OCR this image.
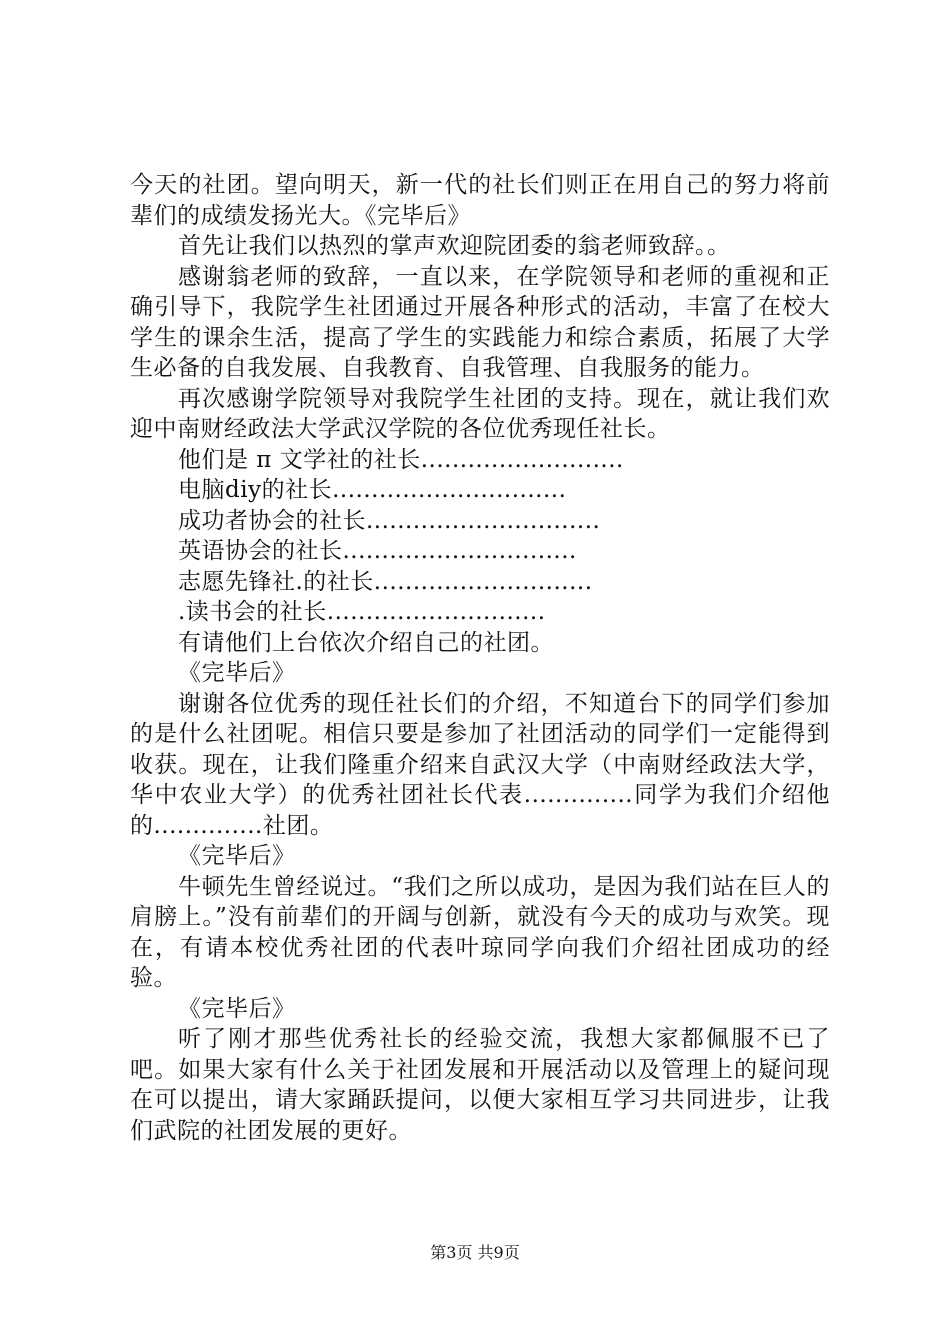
今天的社团。望向明天，新一代的社长们则正在用自己的努力将前辈们的成绩发扬光大。《完毕后》

首先让我们以热烈的掌声欢迎院团委的翁老师致辞。。

感谢翁老师的致辞，一直以来，在学院领导和老师的重视和正确引导下，我院学生社团通过开展各种形式的活动，丰富了在校大学生的课余生活，提高了学生的实践能力和综合素质，拓展了大学生必备的自我发展、自我教育、自我管理、自我服务的能力。

再次感谢学院领导对我院学生社团的支持。现在，就让我们欢迎中南财经政法大学武汉学院的各位优秀现任社长。

他们是 π 文学社的社长..........................

电脑diy的社长..............................

成功者协会的社长..............................

英语协会的社长..............................

志愿先锋社.的社长............................

.读书会的社长............................

有请他们上台依次介绍自己的社团。

《完毕后》

谢谢各位优秀的现任社长们的介绍，不知道台下的同学们参加的是什么社团呢。相信只要是参加了社团活动的同学们一定能得到收获。现在，让我们隆重介绍来自武汉大学（中南财经政法大学，华中农业大学）的优秀社团社长代表..............同学为我们介绍他的..............社团。

《完毕后》

牛顿先生曾经说过。“我们之所以成功，是因为我们站在巨人的肩膀上。”没有前辈们的开阔与创新，就没有今天的成功与欢笑。现在，有请本校优秀社团的代表叶琼同学向我们介绍社团成功的经验。

《完毕后》

听了刚才那些优秀社长的经验交流，我想大家都佩服不已了吧。如果大家有什么关于社团发展和开展活动以及管理上的疑问现在可以提出，请大家踊跃提问，以便大家相互学习共同进步，让我们武院的社团发展的更好。

第3页 共9页
